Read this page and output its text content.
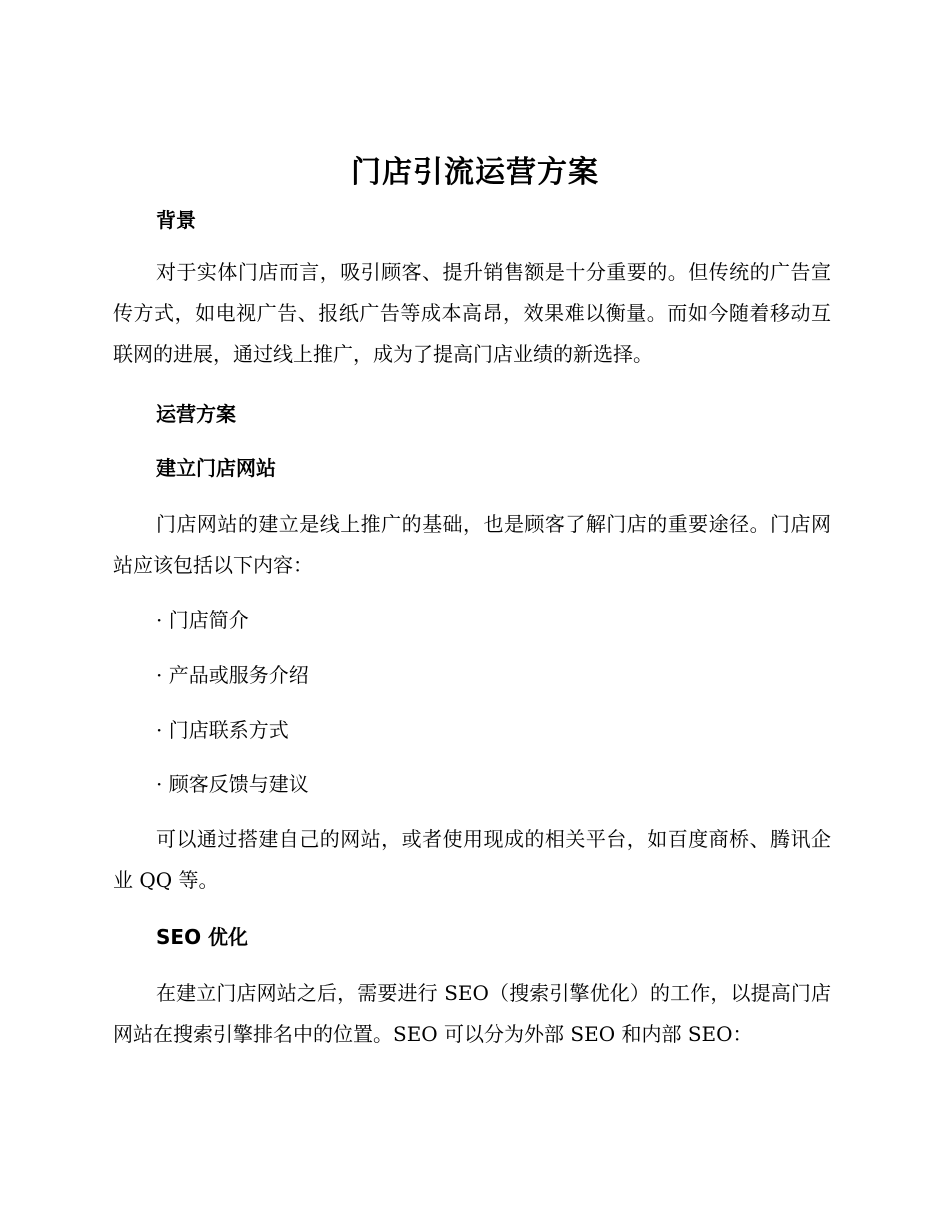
门店引流运营方案
背景

对于实体门店而言，吸引顾客、提升销售额是十分重要的。但传统的广告宣传方式，如电视广告、报纸广告等成本高昂，效果难以衡量。而如今随着移动互联网的进展，通过线上推广，成为了提高门店业绩的新选择。

运营方案
建立门店网站

门店网站的建立是线上推广的基础，也是顾客了解门店的重要途径。门店网站应该包括以下内容：

· 门店简介
· 产品或服务介绍
· 门店联系方式
· 顾客反馈与建议

可以通过搭建自己的网站，或者使用现成的相关平台，如百度商桥、腾讯企业 QQ 等。

SEO 优化

在建立门店网站之后，需要进行 SEO（搜索引擎优化）的工作，以提高门店网站在搜索引擎排名中的位置。SEO 可以分为外部 SEO 和内部 SEO：
